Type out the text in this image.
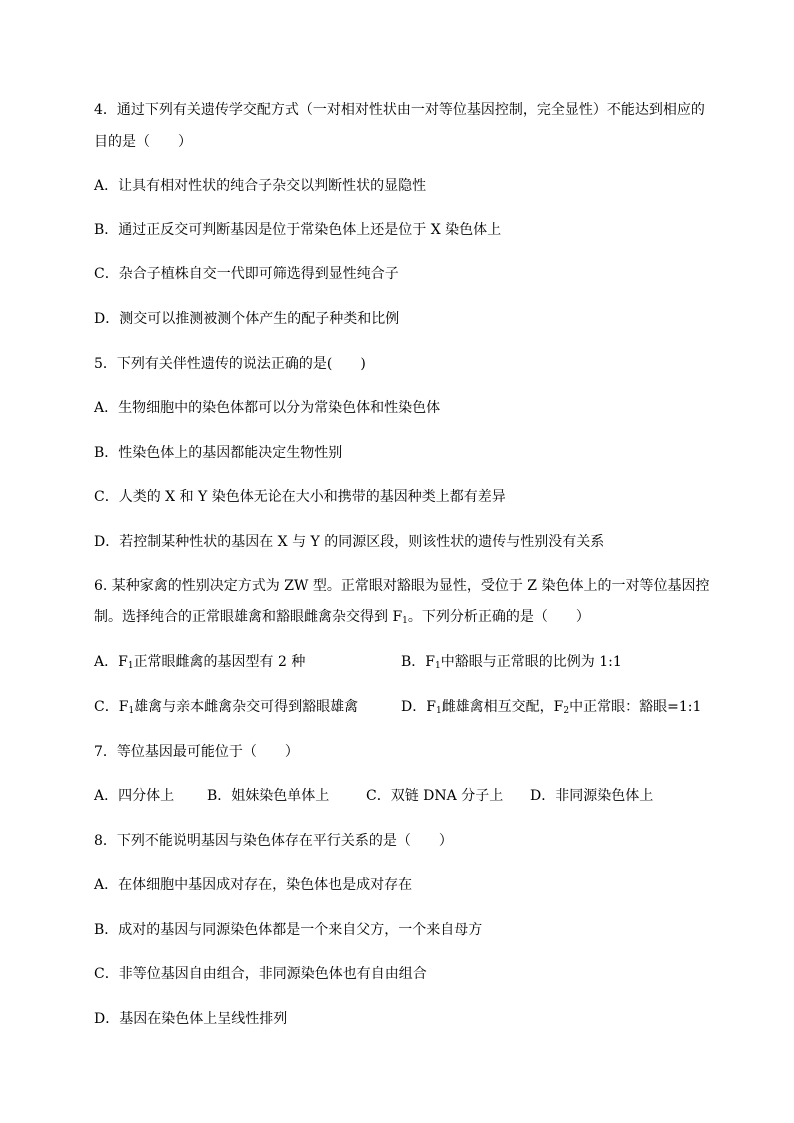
4．通过下列有关遗传学交配方式（一对相对性状由一对等位基因控制，完全显性）不能达到相应的
目的是（　　）
A．让具有相对性状的纯合子杂交以判断性状的显隐性
B．通过正反交可判断基因是位于常染色体上还是位于 X 染色体上
C．杂合子植株自交一代即可筛选得到显性纯合子
D．测交可以推测被测个体产生的配子种类和比例
5．下列有关伴性遗传的说法正确的是(　　)
A．生物细胞中的染色体都可以分为常染色体和性染色体
B．性染色体上的基因都能决定生物性别
C．人类的 X 和 Y 染色体无论在大小和携带的基因种类上都有差异
D．若控制某种性状的基因在 X 与 Y 的同源区段，则该性状的遗传与性别没有关系
6. 某种家禽的性别决定方式为 ZW 型。正常眼对豁眼为显性，受位于 Z 染色体上的一对等位基因控
制。选择纯合的正常眼雄禽和豁眼雌禽杂交得到 $F_1$。下列分析正确的是（　　）
A．$F_1$正常眼雌禽的基因型有 2 种	B．$F_1$中豁眼与正常眼的比例为 1:1
C．$F_1$雄禽与亲本雌禽杂交可得到豁眼雄禽	D．$F_1$雌雄禽相互交配，$F_2$中正常眼：豁眼=1:1
7．等位基因最可能位于（　　）
A．四分体上 B．姐妹染色单体上	C．双链 DNA 分子上 D．非同源染色体上
8．下列不能说明基因与染色体存在平行关系的是（　　）
A．在体细胞中基因成对存在，染色体也是成对存在
B．成对的基因与同源染色体都是一个来自父方，一个来自母方
C．非等位基因自由组合，非同源染色体也有自由组合
D．基因在染色体上呈线性排列
